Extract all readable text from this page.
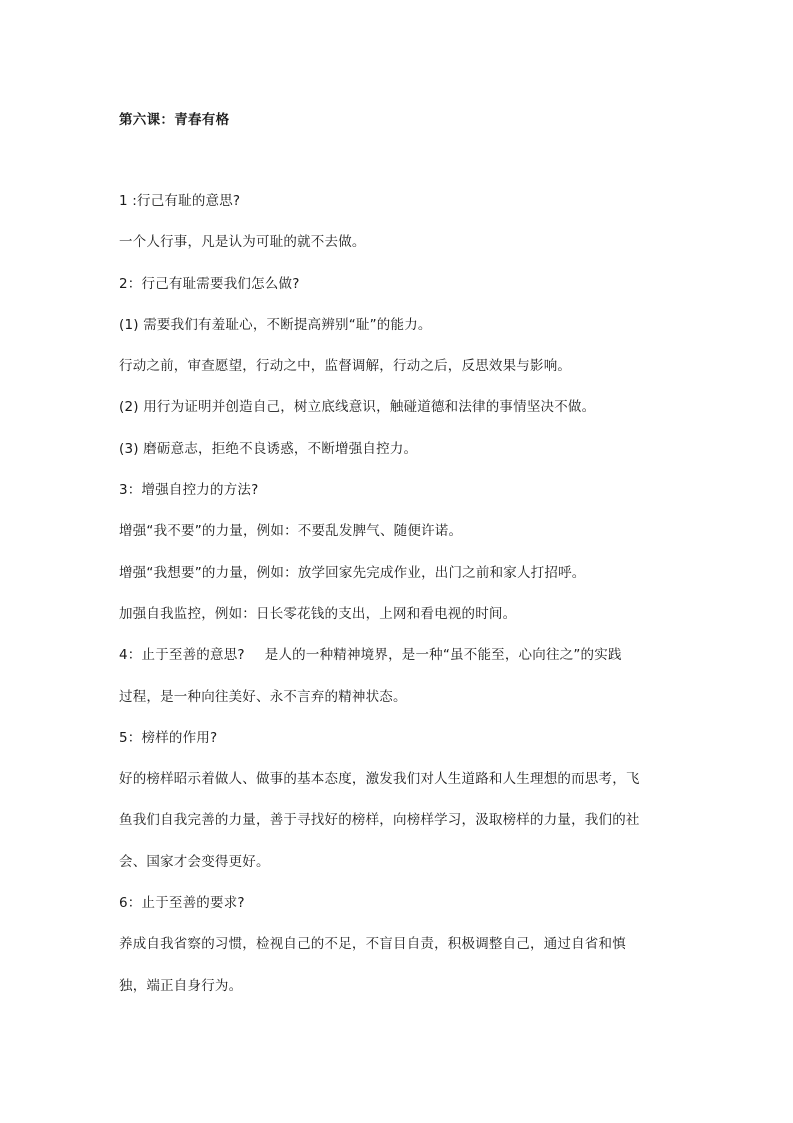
第六课：青春有格
1 :行己有耻的意思?
一个人行事，凡是认为可耻的就不去做。
2：行己有耻需要我们怎么做?
(1) 需要我们有羞耻心，不断提高辨别“耻”的能力。
行动之前，审查愿望，行动之中，监督调解，行动之后，反思效果与影响。
(2) 用行为证明并创造自己，树立底线意识，触碰道德和法律的事情坚决不做。
(3) 磨砺意志，拒绝不良诱惑，不断增强自控力。
3：增强自控力的方法?
增强“我不要”的力量，例如：不要乱发脾气、随便许诺。
增强“我想要”的力量，例如：放学回家先完成作业，出门之前和家人打招呼。
加强自我监控，例如：日长零花钱的支出，上网和看电视的时间。
4：止于至善的意思? 是人的一种精神境界，是一种“虽不能至，心向往之”的实践
过程，是一种向往美好、永不言弃的精神状态。
5：榜样的作用?
好的榜样昭示着做人、做事的基本态度，激发我们对人生道路和人生理想的而思考，飞
鱼我们自我完善的力量，善于寻找好的榜样，向榜样学习，汲取榜样的力量，我们的社
会、国家才会变得更好。
6：止于至善的要求?
养成自我省察的习惯，检视自己的不足，不盲目自责，积极调整自己，通过自省和慎
独，端正自身行为。
